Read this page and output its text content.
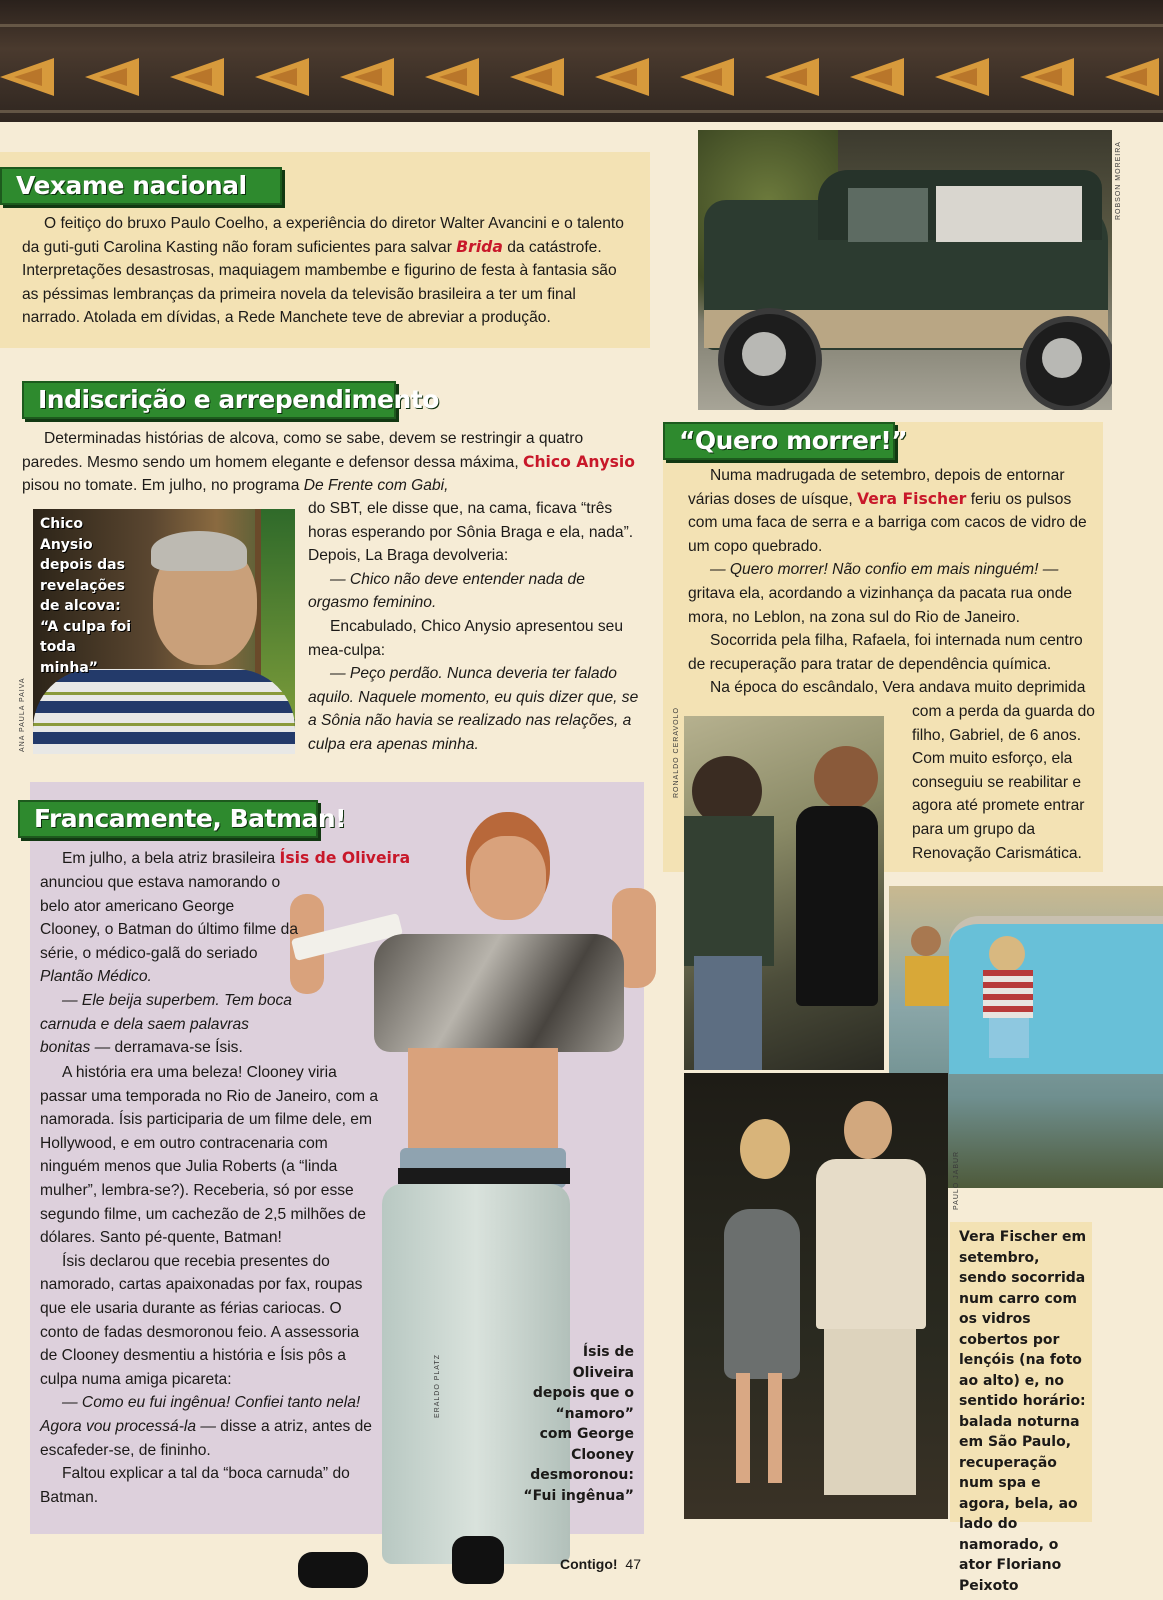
Vexame nacional

O feitiço do bruxo Paulo Coelho, a experiência do diretor Walter Avancini e o talento da guti-guti Carolina Kasting não foram suficientes para salvar Brida da catástrofe. Interpretações desastrosas, maquiagem mambembe e figurino de festa à fantasia são as péssimas lembranças da primeira novela da televisão brasileira a ter um final narrado. Atolada em dívidas, a Rede Manchete teve de abreviar a produção.

ROBSON MOREIRA
Indiscrição e arrependimento

Determinadas histórias de alcova, como se sabe, devem se restringir a quatro paredes. Mesmo sendo um homem elegante e defensor dessa máxima, Chico Anysio pisou no tomate. Em julho, no programa De Frente com Gabi,

do SBT, ele disse que, na cama, ficava “três horas esperando por Sônia Braga e ela, nada”. Depois, La Braga devolveria:

— Chico não deve entender nada de orgasmo feminino.

Encabulado, Chico Anysio apresentou seu mea-culpa:

— Peço perdão. Nunca deveria ter falado aquilo. Naquele momento, eu quis dizer que, se a Sônia não havia se realizado nas relações, a culpa era apenas minha.

Chico Anysio depois das revelações de alcova: “A culpa foi toda minha”
ANA PAULA PAIVA
“Quero morrer!”

Numa madrugada de setembro, depois de entornar várias doses de uísque, Vera Fischer feriu os pulsos com uma faca de serra e a barriga com cacos de vidro de um copo quebrado.

— Quero morrer! Não confio em mais ninguém! — gritava ela, acordando a vizinhança da pacata rua onde mora, no Leblon, na zona sul do Rio de Janeiro.

Socorrida pela filha, Rafaela, foi internada num centro de recuperação para tratar de dependência química.

Na época do escândalo, Vera andava muito deprimida

com a perda da guarda do filho, Gabriel, de 6 anos. Com muito esforço, ela conseguiu se reabilitar e agora até promete entrar para um grupo da Renovação Carismática.

RONALDO CERAVOLO
PAULO JABUR
Vera Fischer em setembro, sendo socorrida num carro com os vidros cobertos por lençóis (na foto ao alto) e, no sentido horário: balada noturna em São Paulo, recuperação num spa e agora, bela, ao lado do namorado, o ator Floriano Peixoto
Francamente, Batman!
ERALDO PLATZ

Em julho, a bela atriz brasileira Ísis de Oliveira

anunciou que estava namorando o belo ator americano George Clooney, o Batman do último filme da série, o médico-galã do seriado Plantão Médico.

— Ele beija superbem. Tem boca carnuda e dela saem palavras bonitas — derramava-se Ísis.

A história era uma beleza! Clooney viria passar uma temporada no Rio de Janeiro, com a namorada. Ísis participaria de um filme dele, em Hollywood, e em outro contracenaria com ninguém menos que Julia Roberts (a “linda mulher”, lembra-se?). Receberia, só por esse segundo filme, um cachezão de 2,5 milhões de dólares. Santo pé-quente, Batman!

Ísis declarou que recebia presentes do namorado, cartas apaixonadas por fax, roupas que ele usaria durante as férias cariocas. O conto de fadas desmoronou feio. A assessoria de Clooney desmentiu a história e Ísis pôs a culpa numa amiga picareta:

— Como eu fui ingênua! Confiei tanto nela! Agora vou processá-la — disse a atriz, antes de escafeder-se, de fininho.

Faltou explicar a tal da “boca carnuda” do Batman.

Ísis de Oliveira depois que o “namoro” com George Clooney desmoronou: “Fui ingênua”
Contigo! 47
